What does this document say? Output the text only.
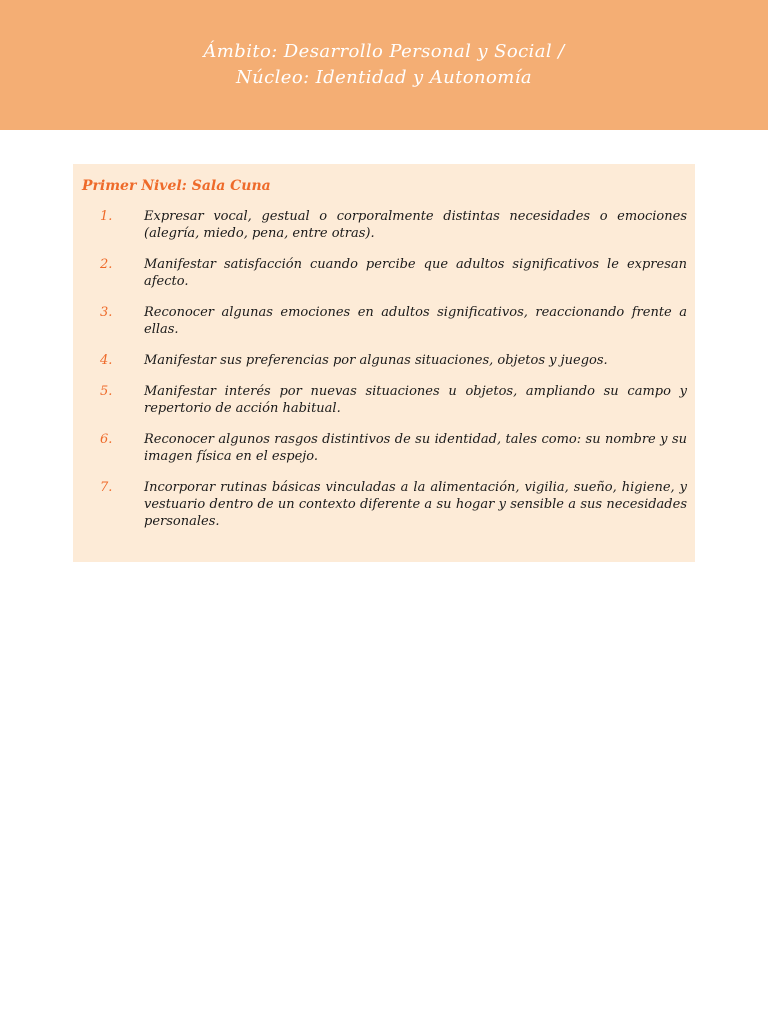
Ámbito: Desarrollo Personal y Social /
Núcleo: Identidad y Autonomía
Primer Nivel: Sala Cuna
1.	Expresar vocal, gestual o corporalmente distintas necesidades o emociones (alegría, miedo, pena, entre otras).
2.	Manifestar satisfacción cuando percibe que adultos significativos le expresan afecto.
3.	Reconocer algunas emociones en adultos significativos, reaccionando frente a ellas.
4.	Manifestar sus preferencias por algunas situaciones, objetos y juegos.
5.	Manifestar interés por nuevas situaciones u objetos, ampliando su campo y repertorio de acción habitual.
6.	Reconocer algunos rasgos distintivos de su identidad, tales como: su nombre y su imagen física en el espejo.
7.	Incorporar rutinas básicas vinculadas a la alimentación, vigilia, sueño, higiene, y vestuario dentro de un contexto diferente a su hogar y sensible a sus necesidades personales.
